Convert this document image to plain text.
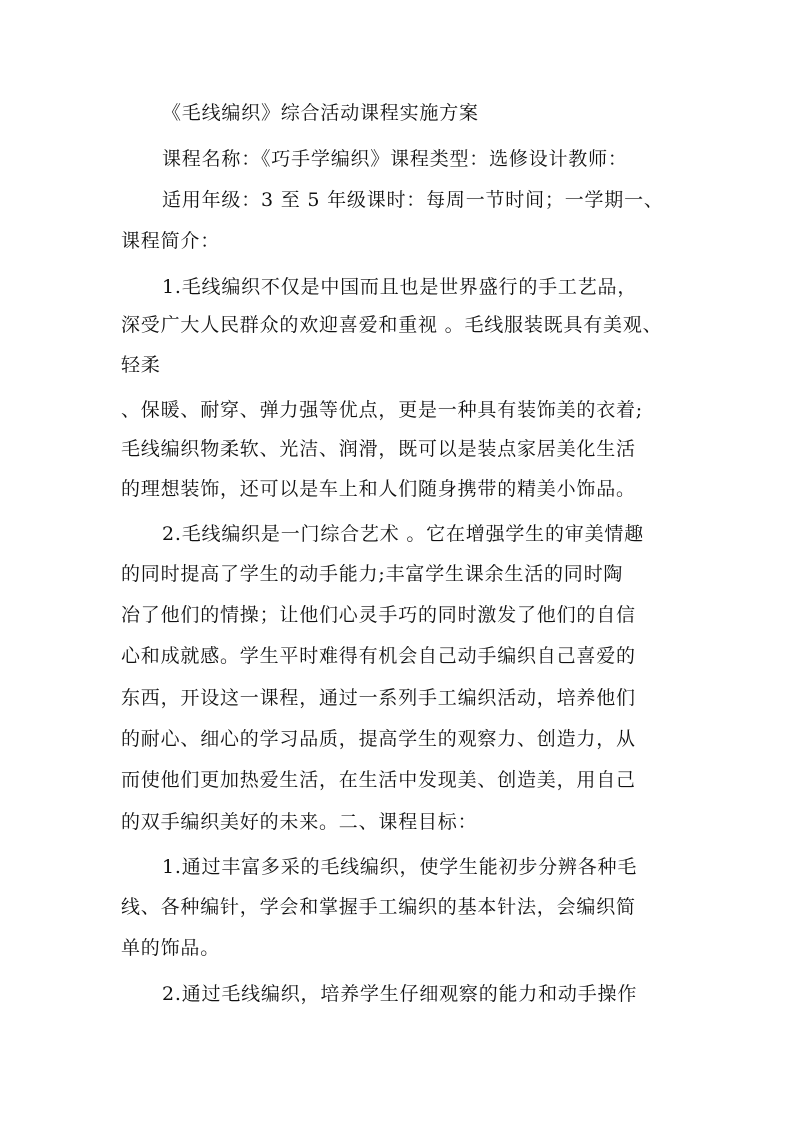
《毛线编织》综合活动课程实施方案
课程名称：《巧手学编织》课程类型：选修设计教师：
适用年级：3 至 5 年级课时：每周一节时间；一学期一、
课程简介：
1.毛线编织不仅是中国而且也是世界盛行的手工艺品，
深受广大人民群众的欢迎喜爱和重视 。毛线服装既具有美观、
轻柔
、保暖、耐穿、弹力强等优点，更是一种具有装饰美的衣着;
毛线编织物柔软、光洁、润滑，既可以是装点家居美化生活
的理想装饰，还可以是车上和人们随身携带的精美小饰品。
2.毛线编织是一门综合艺术 。它在增强学生的审美情趣
的同时提高了学生的动手能力;丰富学生课余生活的同时陶
冶了他们的情操；让他们心灵手巧的同时激发了他们的自信
心和成就感。学生平时难得有机会自己动手编织自己喜爱的
东西，开设这一课程，通过一系列手工编织活动，培养他们
的耐心、细心的学习品质，提高学生的观察力、创造力，从
而使他们更加热爱生活，在生活中发现美、创造美，用自己
的双手编织美好的未来。二、课程目标：
1.通过丰富多采的毛线编织，使学生能初步分辨各种毛
线、各种编针，学会和掌握手工编织的基本针法，会编织简
单的饰品。
2.通过毛线编织，培养学生仔细观察的能力和动手操作
